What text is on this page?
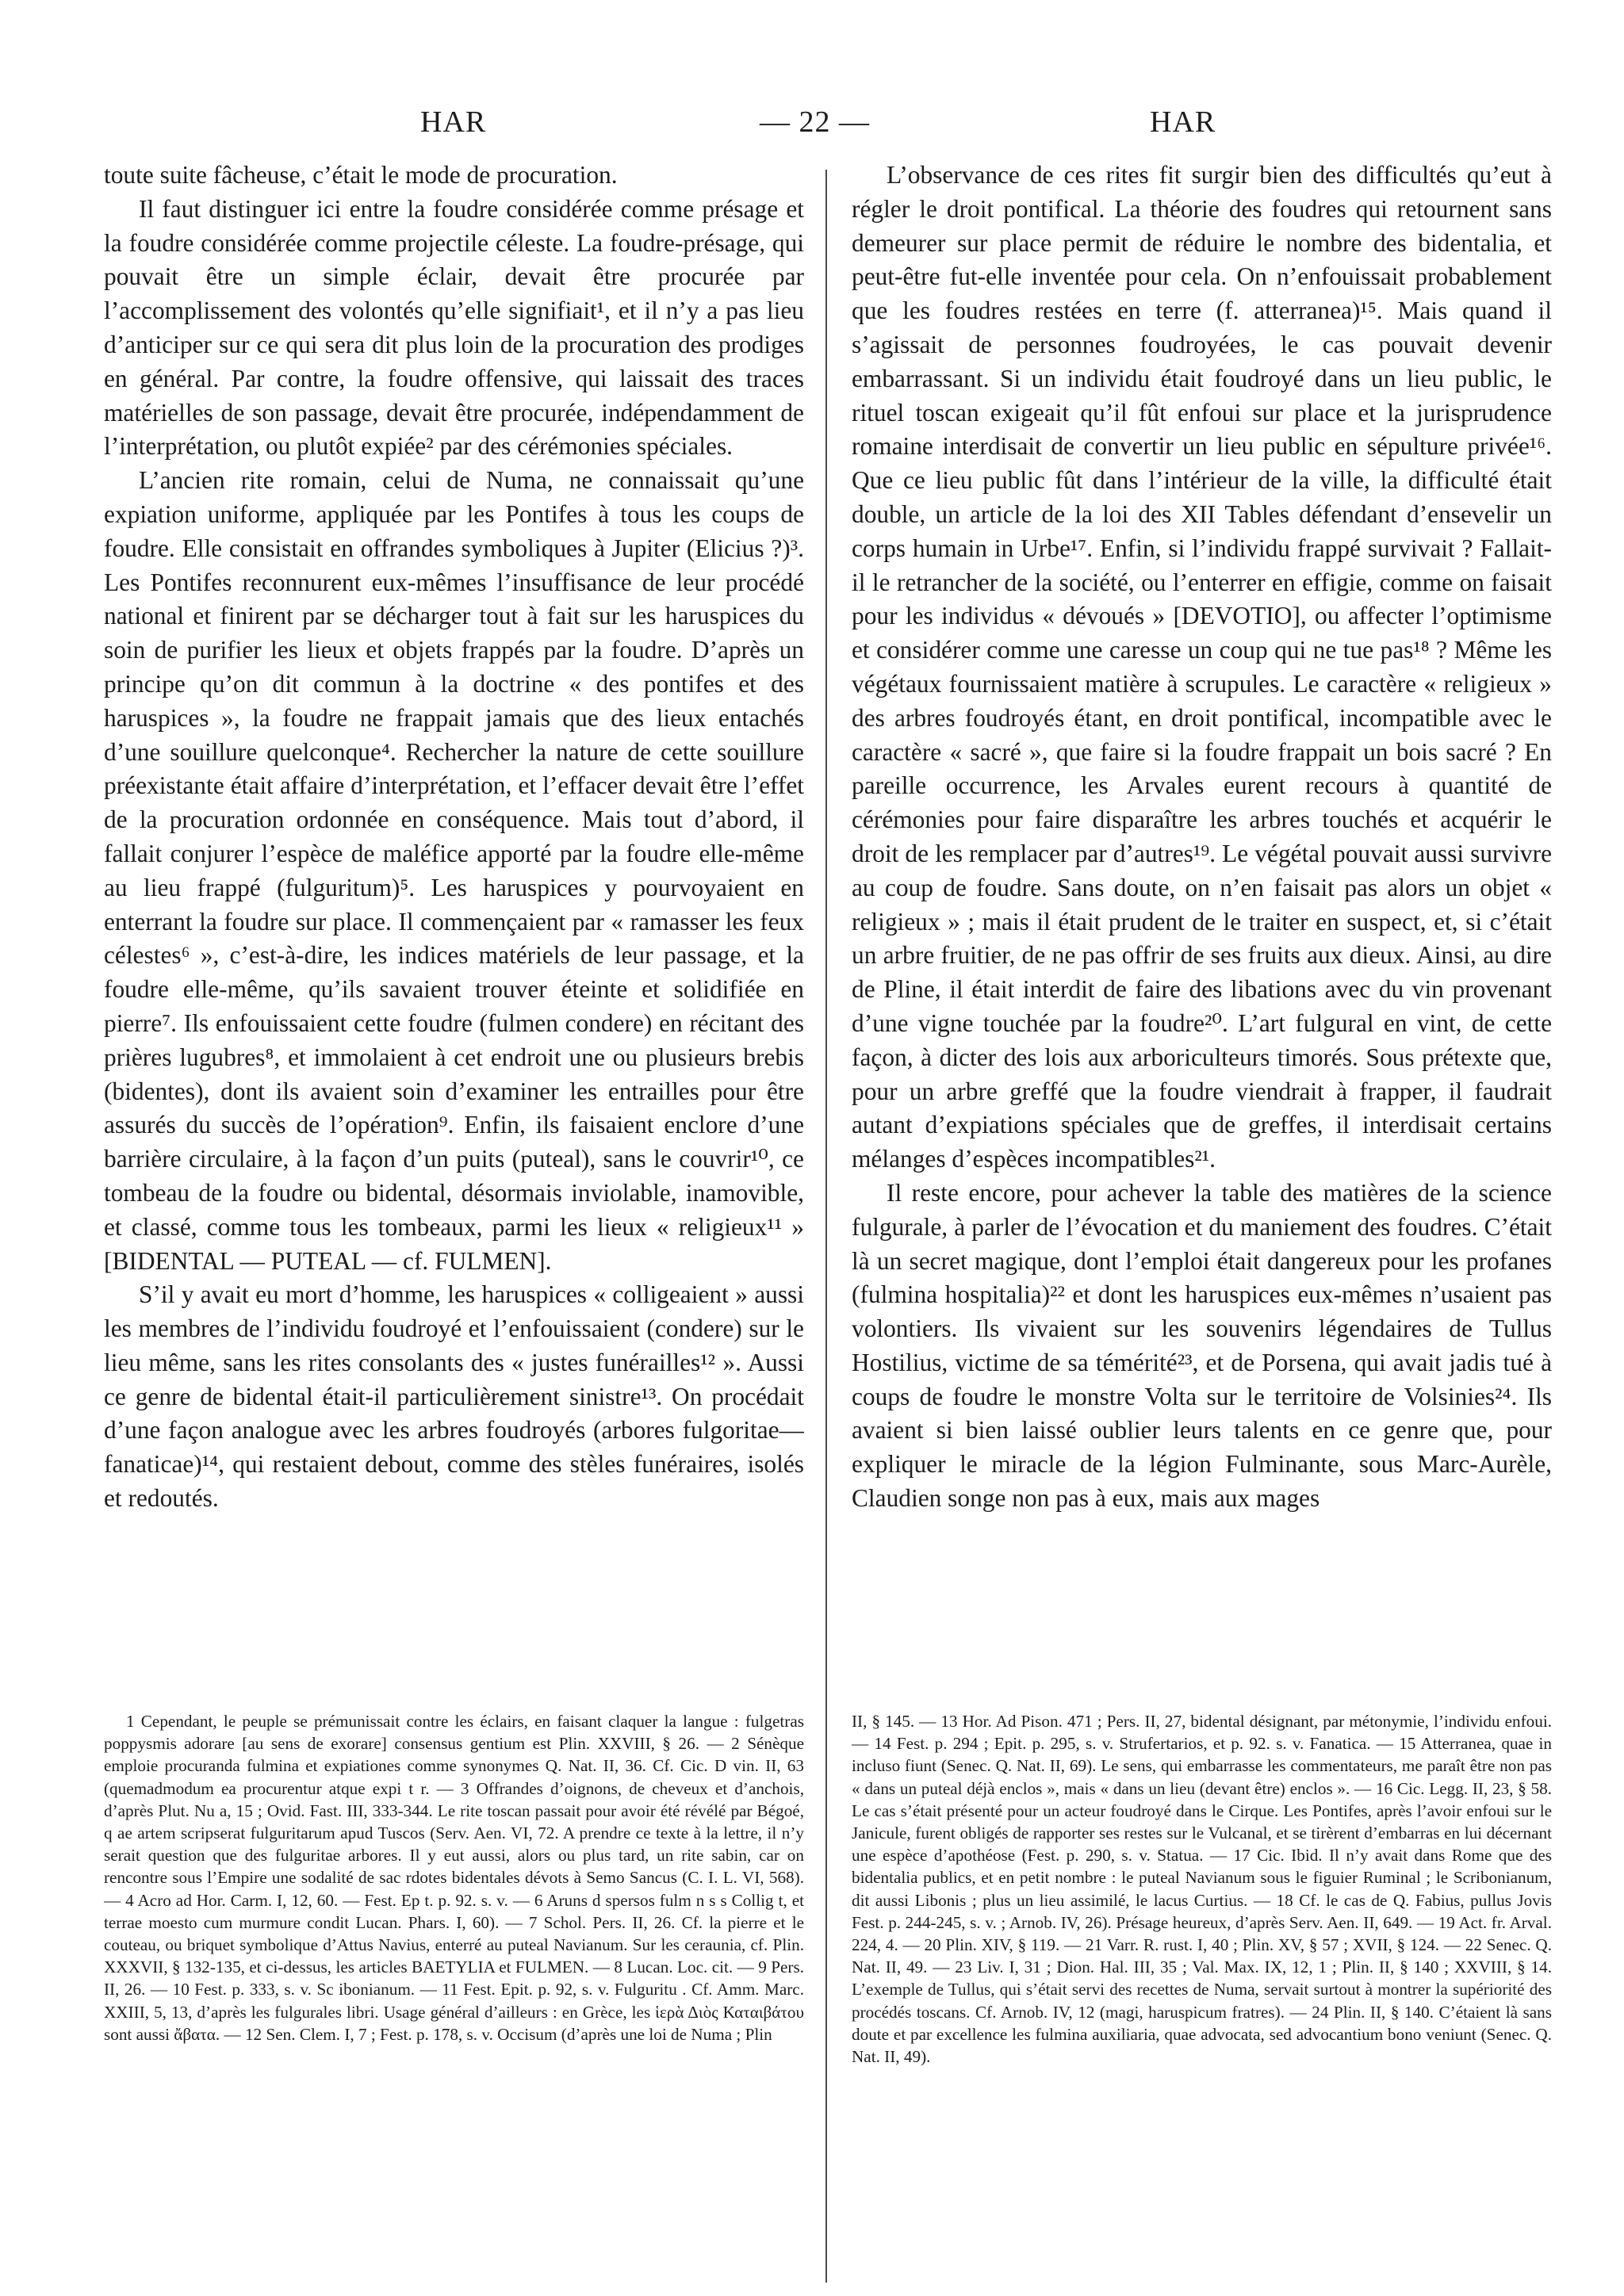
HAR	— 22 —	HAR

toute suite fâcheuse, c’était le mode de procuration.

Il faut distinguer ici entre la foudre considérée comme présage et la foudre considérée comme projectile céleste. La foudre-présage, qui pouvait être un simple éclair, devait être procurée par l’accomplissement des volontés qu’elle signifiait¹, et il n’y a pas lieu d’anticiper sur ce qui sera dit plus loin de la procuration des prodiges en général. Par contre, la foudre offensive, qui laissait des traces matérielles de son passage, devait être procurée, indépendamment de l’interprétation, ou plutôt expiée² par des cérémonies spéciales.

L’ancien rite romain, celui de Numa, ne connaissait qu’une expiation uniforme, appliquée par les Pontifes à tous les coups de foudre. Elle consistait en offrandes symboliques à Jupiter (Elicius ?)³. Les Pontifes reconnurent eux-mêmes l’insuffisance de leur procédé national et finirent par se décharger tout à fait sur les haruspices du soin de purifier les lieux et objets frappés par la foudre. D’après un principe qu’on dit commun à la doctrine « des pontifes et des haruspices », la foudre ne frappait jamais que des lieux entachés d’une souillure quelconque⁴. Rechercher la nature de cette souillure préexistante était affaire d’interprétation, et l’effacer devait être l’effet de la procuration ordonnée en conséquence. Mais tout d’abord, il fallait conjurer l’espèce de maléfice apporté par la foudre elle-même au lieu frappé (fulguritum)⁵. Les haruspices y pourvoyaient en enterrant la foudre sur place. Il commençaient par « ramasser les feux célestes⁶ », c’est-à-dire, les indices matériels de leur passage, et la foudre elle-même, qu’ils savaient trouver éteinte et solidifiée en pierre⁷. Ils enfouissaient cette foudre (fulmen condere) en récitant des prières lugubres⁸, et immolaient à cet endroit une ou plusieurs brebis (bidentes), dont ils avaient soin d’examiner les entrailles pour être assurés du succès de l’opération⁹. Enfin, ils faisaient enclore d’une barrière circulaire, à la façon d’un puits (puteal), sans le couvrir¹⁰, ce tombeau de la foudre ou bidental, désormais inviolable, inamovible, et classé, comme tous les tombeaux, parmi les lieux « religieux¹¹ » [BIDENTAL — PUTEAL — cf. FULMEN].

S’il y avait eu mort d’homme, les haruspices « colligeaient » aussi les membres de l’individu foudroyé et l’enfouissaient (condere) sur le lieu même, sans les rites consolants des « justes funérailles¹² ». Aussi ce genre de bidental était-il particulièrement sinistre¹³. On procédait d’une façon analogue avec les arbres foudroyés (arbores fulgoritae—fanaticae)¹⁴, qui restaient debout, comme des stèles funéraires, isolés et redoutés.

L’observance de ces rites fit surgir bien des difficultés qu’eut à régler le droit pontifical. La théorie des foudres qui retournent sans demeurer sur place permit de réduire le nombre des bidentalia, et peut-être fut-elle inventée pour cela. On n’enfouissait probablement que les foudres restées en terre (f. atterranea)¹⁵. Mais quand il s’agissait de personnes foudroyées, le cas pouvait devenir embarrassant. Si un individu était foudroyé dans un lieu public, le rituel toscan exigeait qu’il fût enfoui sur place et la jurisprudence romaine interdisait de convertir un lieu public en sépulture privée¹⁶. Que ce lieu public fût dans l’intérieur de la ville, la difficulté était double, un article de la loi des XII Tables défendant d’ensevelir un corps humain in Urbe¹⁷. Enfin, si l’individu frappé survivait ? Fallait-il le retrancher de la société, ou l’enterrer en effigie, comme on faisait pour les individus « dévoués » [DEVOTIO], ou affecter l’optimisme et considérer comme une caresse un coup qui ne tue pas¹⁸ ? Même les végétaux fournissaient matière à scrupules. Le caractère « religieux » des arbres foudroyés étant, en droit pontifical, incompatible avec le caractère « sacré », que faire si la foudre frappait un bois sacré ? En pareille occurrence, les Arvales eurent recours à quantité de cérémonies pour faire disparaître les arbres touchés et acquérir le droit de les remplacer par d’autres¹⁹. Le végétal pouvait aussi survivre au coup de foudre. Sans doute, on n’en faisait pas alors un objet « religieux » ; mais il était prudent de le traiter en suspect, et, si c’était un arbre fruitier, de ne pas offrir de ses fruits aux dieux. Ainsi, au dire de Pline, il était interdit de faire des libations avec du vin provenant d’une vigne touchée par la foudre²⁰. L’art fulgural en vint, de cette façon, à dicter des lois aux arboriculteurs timorés. Sous prétexte que, pour un arbre greffé que la foudre viendrait à frapper, il faudrait autant d’expiations spéciales que de greffes, il interdisait certains mélanges d’espèces incompatibles²¹.

Il reste encore, pour achever la table des matières de la science fulgurale, à parler de l’évocation et du maniement des foudres. C’était là un secret magique, dont l’emploi était dangereux pour les profanes (fulmina hospitalia)²² et dont les haruspices eux-mêmes n’usaient pas volontiers. Ils vivaient sur les souvenirs légendaires de Tullus Hostilius, victime de sa témérité²³, et de Porsena, qui avait jadis tué à coups de foudre le monstre Volta sur le territoire de Volsinies²⁴. Ils avaient si bien laissé oublier leurs talents en ce genre que, pour expliquer le miracle de la légion Fulminante, sous Marc-Aurèle, Claudien songe non pas à eux, mais aux mages

1 Cependant, le peuple se prémunissait contre les éclairs, en faisant claquer la langue : fulgetras poppysmis adorare [au sens de exorare] consensus gentium est Plin. XXVIII, § 26. — 2 Sénèque emploie procuranda fulmina et expiationes comme synonymes Q. Nat. II, 36. Cf. Cic. D vin. II, 63 (quemadmodum ea procurentur atque expi t r. — 3 Offrandes d’oignons, de cheveux et d’anchois, d’après Plut. Nu a, 15 ; Ovid. Fast. III, 333-344. Le rite toscan passait pour avoir été révélé par Bégoé, q ae artem scripserat fulguritarum apud Tuscos (Serv. Aen. VI, 72. A prendre ce texte à la lettre, il n’y serait question que des fulguritae arbores. Il y eut aussi, alors ou plus tard, un rite sabin, car on rencontre sous l’Empire une sodalité de sac rdotes bidentales dévots à Semo Sancus (C. I. L. VI, 568). — 4 Acro ad Hor. Carm. I, 12, 60. — Fest. Ep t. p. 92. s. v. — 6 Aruns d spersos fulm n s s Collig t, et terrae moesto cum murmure condit Lucan. Phars. I, 60). — 7 Schol. Pers. II, 26. Cf. la pierre et le couteau, ou briquet symbolique d’Attus Navius, enterré au puteal Navianum. Sur les ceraunia, cf. Plin. XXXVII, § 132-135, et ci-dessus, les articles BAETYLIA et FULMEN. — 8 Lucan. Loc. cit. — 9 Pers. II, 26. — 10 Fest. p. 333, s. v. Sc ibonianum. — 11 Fest. Epit. p. 92, s. v. Fulguritu . Cf. Amm. Marc. XXIII, 5, 13, d’après les fulgurales libri. Usage général d’ailleurs : en Grèce, les ἱερὰ Διὸς Καταιβάτου sont aussi ἄβατα. — 12 Sen. Clem. I, 7 ; Fest. p. 178, s. v. Occisum (d’après une loi de Numa ; Plin

II, § 145. — 13 Hor. Ad Pison. 471 ; Pers. II, 27, bidental désignant, par métonymie, l’individu enfoui. — 14 Fest. p. 294 ; Epit. p. 295, s. v. Strufertarios, et p. 92. s. v. Fanatica. — 15 Atterranea, quae in incluso fiunt (Senec. Q. Nat. II, 69). Le sens, qui embarrasse les commentateurs, me paraît être non pas « dans un puteal déjà enclos », mais « dans un lieu (devant être) enclos ». — 16 Cic. Legg. II, 23, § 58. Le cas s’était présenté pour un acteur foudroyé dans le Cirque. Les Pontifes, après l’avoir enfoui sur le Janicule, furent obligés de rapporter ses restes sur le Vulcanal, et se tirèrent d’embarras en lui décernant une espèce d’apothéose (Fest. p. 290, s. v. Statua. — 17 Cic. Ibid. Il n’y avait dans Rome que des bidentalia publics, et en petit nombre : le puteal Navianum sous le figuier Ruminal ; le Scribonianum, dit aussi Libonis ; plus un lieu assimilé, le lacus Curtius. — 18 Cf. le cas de Q. Fabius, pullus Jovis Fest. p. 244-245, s. v. ; Arnob. IV, 26). Présage heureux, d’après Serv. Aen. II, 649. — 19 Act. fr. Arval. 224, 4. — 20 Plin. XIV, § 119. — 21 Varr. R. rust. I, 40 ; Plin. XV, § 57 ; XVII, § 124. — 22 Senec. Q. Nat. II, 49. — 23 Liv. I, 31 ; Dion. Hal. III, 35 ; Val. Max. IX, 12, 1 ; Plin. II, § 140 ; XXVIII, § 14. L’exemple de Tullus, qui s’était servi des recettes de Numa, servait surtout à montrer la supériorité des procédés toscans. Cf. Arnob. IV, 12 (magi, haruspicum fratres). — 24 Plin. II, § 140. C’étaient là sans doute et par excellence les fulmina auxiliaria, quae advocata, sed advocantium bono veniunt (Senec. Q. Nat. II, 49).
